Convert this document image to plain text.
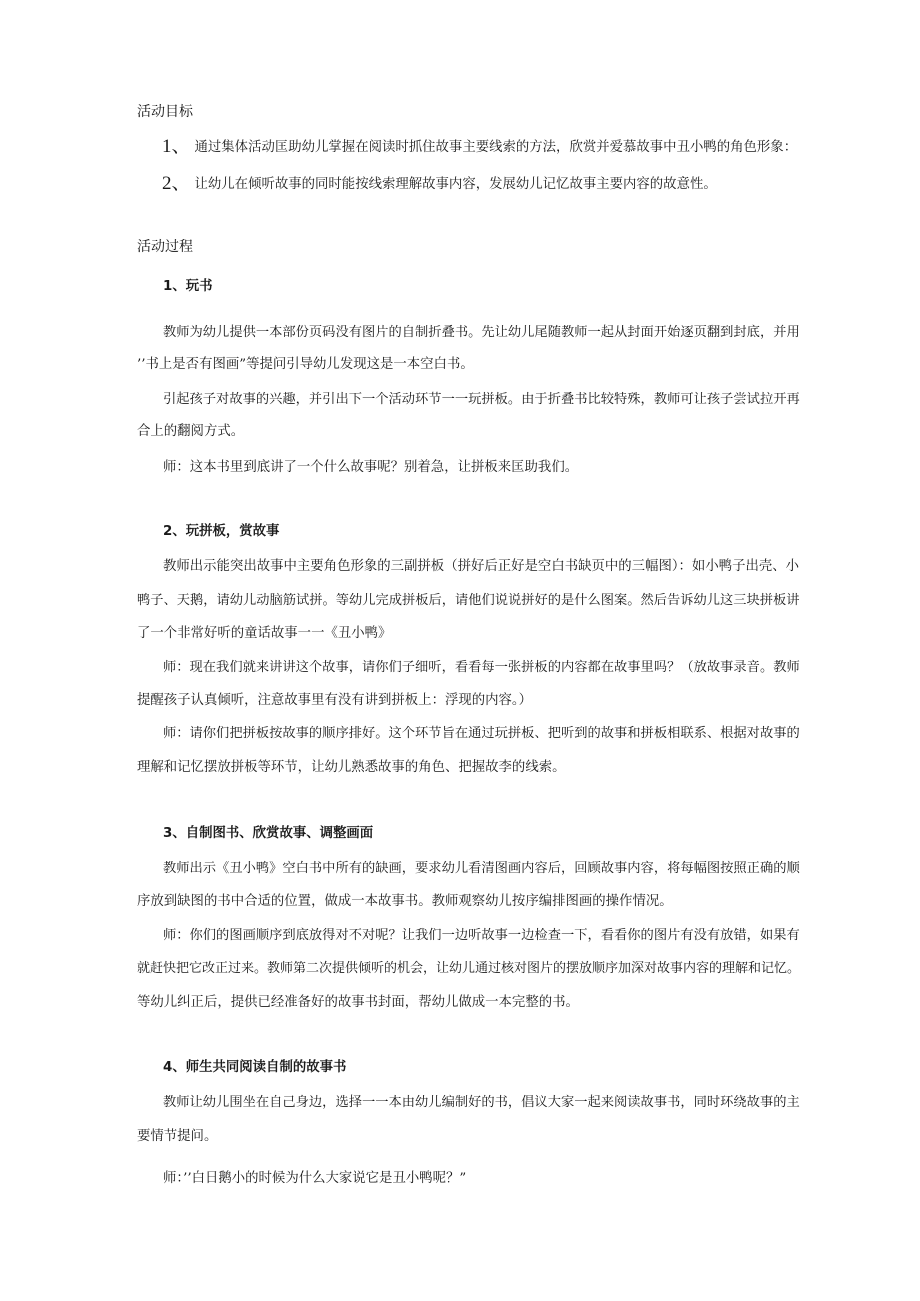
活动目标
1、 通过集体活动匡助幼儿掌握在阅读时抓住故事主要线索的方法，欣赏并爱慕故事中丑小鸭的角色形象：
2、 让幼儿在倾听故事的同时能按线索理解故事内容，发展幼儿记忆故事主要内容的故意性。
活动过程
1、玩书
教师为幼儿提供一本部份页码没有图片的自制折叠书。先让幼儿尾随教师一起从封面开始逐页翻到封底，并用
’’书上是否有图画”等提问引导幼儿发现这是一本空白书。
引起孩子对故事的兴趣，并引出下一个活动环节一一玩拼板。由于折叠书比较特殊，教师可让孩子尝试拉开再
合上的翻阅方式。
师：这本书里到底讲了一个什么故事呢？别着急，让拼板来匡助我们。
2、玩拼板，赏故事
教师出示能突出故事中主要角色形象的三副拼板（拼好后正好是空白书缺页中的三幅图）：如小鸭子出壳、小
鸭子、天鹅，请幼儿动脑筋试拼。等幼儿完成拼板后，请他们说说拼好的是什么图案。然后告诉幼儿这三块拼板讲
了一个非常好听的童话故事一一《丑小鸭》
师：现在我们就来讲讲这个故事，请你们子细听，看看每一张拼板的内容都在故事里吗？（放故事录音。教师
提醒孩子认真倾听，注意故事里有没有讲到拼板上：浮现的内容。）
师：请你们把拼板按故事的顺序排好。这个环节旨在通过玩拼板、把听到的故事和拼板相联系、根据对故事的
理解和记忆摆放拼板等环节，让幼儿熟悉故事的角色、把握故李的线索。
3、自制图书、欣赏故事、调整画面
教师出示《丑小鸭》空白书中所有的缺画，要求幼儿看清图画内容后，回顾故事内容，将每幅图按照正确的顺
序放到缺图的书中合适的位置，做成一本故事书。教师观察幼儿按序编排图画的操作情况。
师：你们的图画顺序到底放得对不对呢？让我们一边听故事一边检查一下，看看你的图片有没有放错，如果有
就赶快把它改正过来。教师第二次提供倾听的机会，让幼儿通过核对图片的摆放顺序加深对故事内容的理解和记忆。
等幼儿纠正后，提供已经准备好的故事书封面，帮幼儿做成一本完整的书。
4、师生共同阅读自制的故事书
教师让幼儿围坐在自己身边，选择一一本由幼儿编制好的书，倡议大家一起来阅读故事书，同时环绕故事的主
要情节提问。
师：’’白日鹅小的时候为什么大家说它是丑小鸭呢？”
